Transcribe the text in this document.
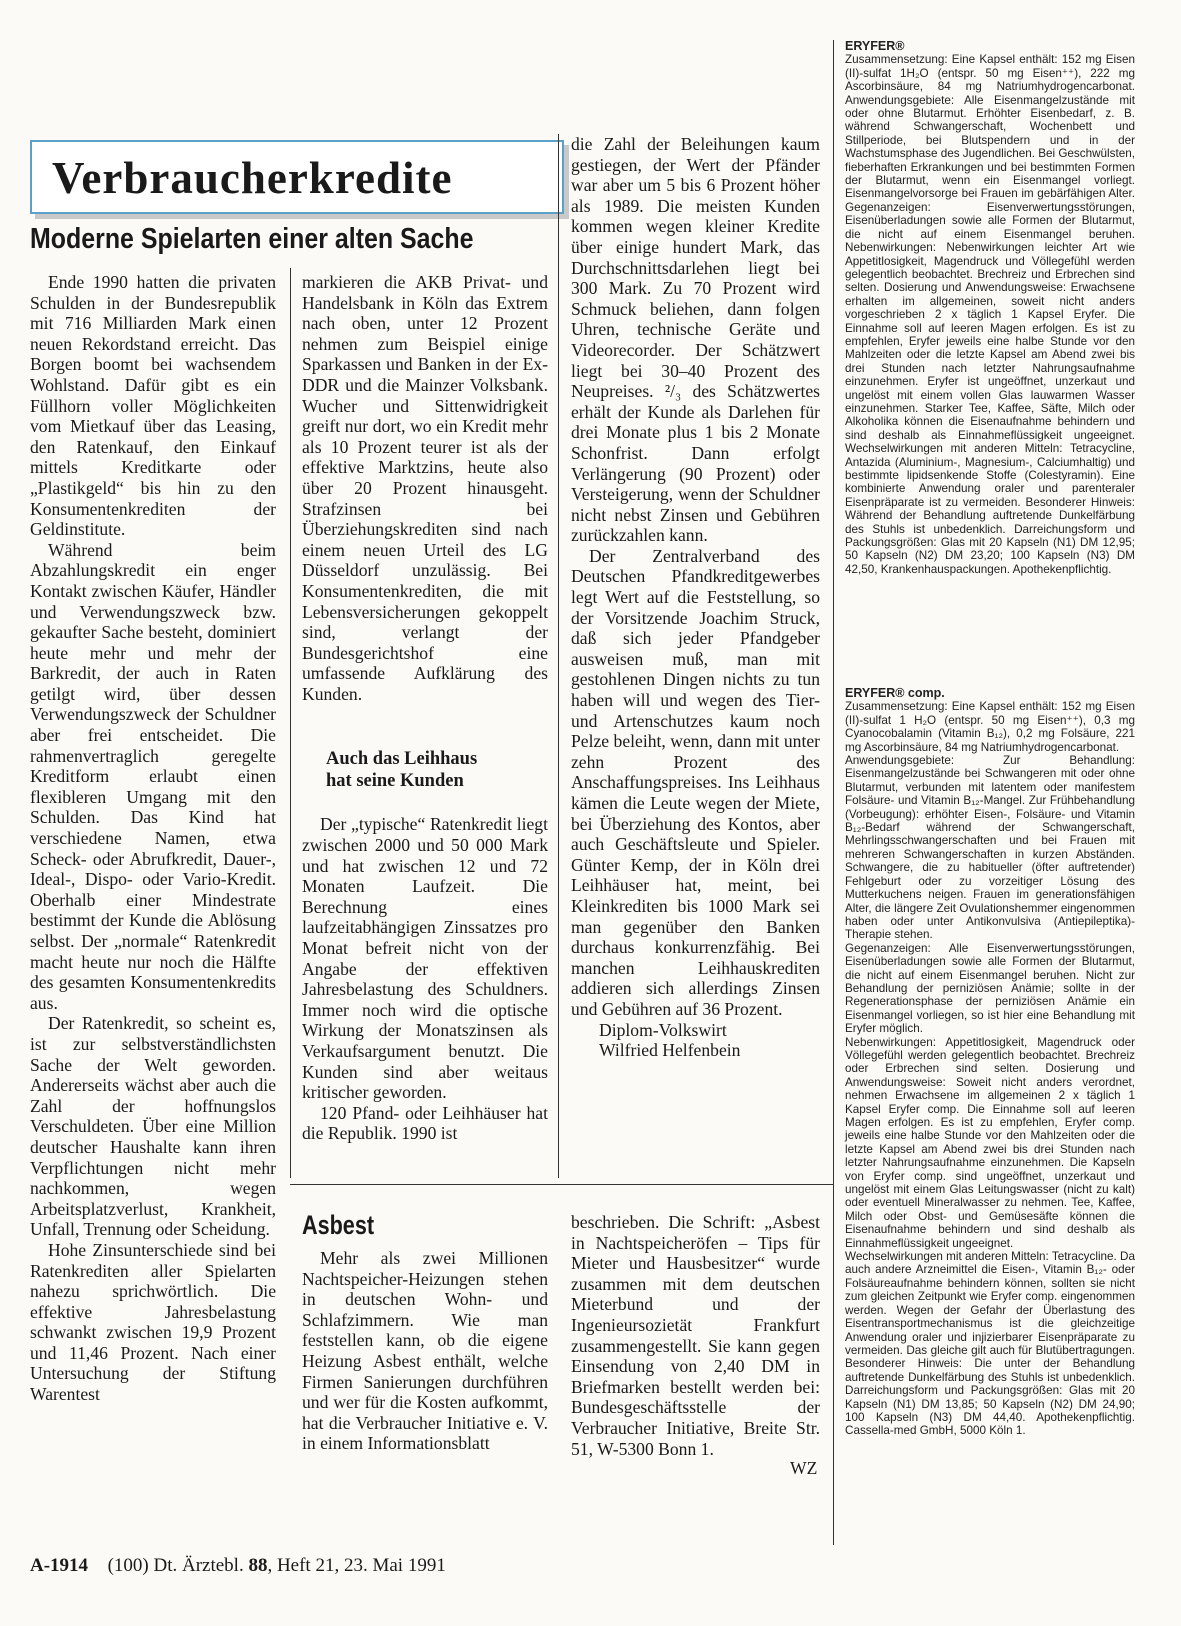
Verbraucherkredite
Moderne Spielarten einer alten Sache

Ende 1990 hatten die privaten Schulden in der Bundesrepublik mit 716 Milliarden Mark einen neuen Rekordstand erreicht. Das Borgen boomt bei wachsendem Wohlstand. Dafür gibt es ein Füllhorn voller Möglichkeiten vom Mietkauf über das Leasing, den Ratenkauf, den Einkauf mittels Kreditkarte oder „Plastikgeld“ bis hin zu den Konsumentenkrediten der Geldinstitute.

Während beim Abzahlungskredit ein enger Kontakt zwischen Käufer, Händler und Verwendungszweck bzw. gekaufter Sache besteht, dominiert heute mehr und mehr der Barkredit, der auch in Raten getilgt wird, über dessen Verwendungszweck der Schuldner aber frei entscheidet. Die rahmenvertraglich geregelte Kreditform erlaubt einen flexibleren Umgang mit den Schulden. Das Kind hat verschiedene Namen, etwa Scheck- oder Abrufkredit, Dauer-, Ideal-, Dispo- oder Vario-Kredit. Oberhalb einer Mindestrate bestimmt der Kunde die Ablösung selbst. Der „normale“ Ratenkredit macht heute nur noch die Hälfte des gesamten Konsumentenkredits aus.

Der Ratenkredit, so scheint es, ist zur selbstverständlichsten Sache der Welt geworden. Andererseits wächst aber auch die Zahl der hoffnungslos Verschuldeten. Über eine Million deutscher Haushalte kann ihren Verpflichtungen nicht mehr nachkommen, wegen Arbeitsplatzverlust, Krankheit, Unfall, Trennung oder Scheidung.

Hohe Zinsunterschiede sind bei Ratenkrediten aller Spielarten nahezu sprichwörtlich. Die effektive Jahresbelastung schwankt zwischen 19,9 Prozent und 11,46 Prozent. Nach einer Untersuchung der Stiftung Warentest

markieren die AKB Privat- und Handelsbank in Köln das Extrem nach oben, unter 12 Prozent nehmen zum Beispiel einige Sparkassen und Banken in der Ex-DDR und die Mainzer Volksbank. Wucher und Sittenwidrigkeit greift nur dort, wo ein Kredit mehr als 10 Prozent teurer ist als der effektive Marktzins, heute also über 20 Prozent hinausgeht. Strafzinsen bei Überziehungskrediten sind nach einem neuen Urteil des LG Düsseldorf unzulässig. Bei Konsumentenkrediten, die mit Lebensversicherungen gekoppelt sind, verlangt der Bundesgerichtshof eine umfassende Aufklärung des Kunden.

Auch das Leihhaus
hat seine Kunden

Der „typische“ Ratenkredit liegt zwischen 2000 und 50 000 Mark und hat zwischen 12 und 72 Monaten Laufzeit. Die Berechnung eines laufzeitabhängigen Zinssatzes pro Monat befreit nicht von der Angabe der effektiven Jahresbelastung des Schuldners. Immer noch wird die optische Wirkung der Monatszinsen als Verkaufsargument benutzt. Die Kunden sind aber weitaus kritischer geworden.

120 Pfand- oder Leihhäuser hat die Republik. 1990 ist

die Zahl der Beleihungen kaum gestiegen, der Wert der Pfänder war aber um 5 bis 6 Prozent höher als 1989. Die meisten Kunden kommen wegen kleiner Kredite über einige hundert Mark, das Durchschnittsdarlehen liegt bei 300 Mark. Zu 70 Prozent wird Schmuck beliehen, dann folgen Uhren, technische Geräte und Videorecorder. Der Schätzwert liegt bei 30–40 Prozent des Neupreises. ²/₃ des Schätzwertes erhält der Kunde als Darlehen für drei Monate plus 1 bis 2 Monate Schonfrist. Dann erfolgt Verlängerung (90 Prozent) oder Versteigerung, wenn der Schuldner nicht nebst Zinsen und Gebühren zurückzahlen kann.

Der Zentralverband des Deutschen Pfandkreditgewerbes legt Wert auf die Feststellung, so der Vorsitzende Joachim Struck, daß sich jeder Pfandgeber ausweisen muß, man mit gestohlenen Dingen nichts zu tun haben will und wegen des Tier- und Artenschutzes kaum noch Pelze beleiht, wenn, dann mit unter zehn Prozent des Anschaffungspreises. Ins Leihhaus kämen die Leute wegen der Miete, bei Überziehung des Kontos, aber auch Geschäftsleute und Spieler. Günter Kemp, der in Köln drei Leihhäuser hat, meint, bei Kleinkrediten bis 1000 Mark sei man gegenüber den Banken durchaus konkurrenzfähig. Bei manchen Leihhauskrediten addieren sich allerdings Zinsen und Gebühren auf 36 Prozent.

Diplom-Volkswirt
Wilfried Helfenbein
Asbest

Mehr als zwei Millionen Nachtspeicher-Heizungen stehen in deutschen Wohn- und Schlafzimmern. Wie man feststellen kann, ob die eigene Heizung Asbest enthält, welche Firmen Sanierungen durchführen und wer für die Kosten aufkommt, hat die Verbraucher Initiative e. V. in einem Informationsblatt

beschrieben. Die Schrift: „Asbest in Nachtspeicheröfen – Tips für Mieter und Hausbesitzer“ wurde zusammen mit dem deutschen Mieterbund und der Ingenieursozietät Frankfurt zusammengestellt. Sie kann gegen Einsendung von 2,40 DM in Briefmarken bestellt werden bei: Bundesgeschäftsstelle der Verbraucher Initiative, Breite Str. 51, W-5300 Bonn 1.

WZ
ERYFER®

Zusammensetzung: Eine Kapsel enthält: 152 mg Eisen (II)-sulfat 1H₂O (entspr. 50 mg Eisen⁺⁺), 222 mg Ascorbinsäure, 84 mg Natriumhydrogencarbonat. Anwendungsgebiete: Alle Eisenmangelzustände mit oder ohne Blutarmut. Erhöhter Eisenbedarf, z. B. während Schwangerschaft, Wochenbett und Stillperiode, bei Blutspendern und in der Wachstumsphase des Jugendlichen. Bei Geschwülsten, fieberhaften Erkrankungen und bei bestimmten Formen der Blutarmut, wenn ein Eisenmangel vorliegt. Eisenmangelvorsorge bei Frauen im gebärfähigen Alter. Gegenanzeigen: Eisenverwertungsstörungen, Eisenüberladungen sowie alle Formen der Blutarmut, die nicht auf einem Eisenmangel beruhen. Nebenwirkungen: Nebenwirkungen leichter Art wie Appetitlosigkeit, Magendruck und Völlegefühl werden gelegentlich beobachtet. Brechreiz und Erbrechen sind selten. Dosierung und Anwendungsweise: Erwachsene erhalten im allgemeinen, soweit nicht anders vorgeschrieben 2 x täglich 1 Kapsel Eryfer. Die Einnahme soll auf leeren Magen erfolgen. Es ist zu empfehlen, Eryfer jeweils eine halbe Stunde vor den Mahlzeiten oder die letzte Kapsel am Abend zwei bis drei Stunden nach letzter Nahrungsaufnahme einzunehmen. Eryfer ist ungeöffnet, unzerkaut und ungelöst mit einem vollen Glas lauwarmen Wasser einzunehmen. Starker Tee, Kaffee, Säfte, Milch oder Alkoholika können die Eisenaufnahme behindern und sind deshalb als Einnahmeflüssigkeit ungeeignet. Wechselwirkungen mit anderen Mitteln: Tetracycline, Antazida (Aluminium-, Magnesium-, Calciumhaltig) und bestimmte lipidsenkende Stoffe (Colestyramin). Eine kombinierte Anwendung oraler und parenteraler Eisenpräparate ist zu vermeiden. Besonderer Hinweis: Während der Behandlung auftretende Dunkelfärbung des Stuhls ist unbedenklich. Darreichungsform und Packungsgrößen: Glas mit 20 Kapseln (N1) DM 12,95; 50 Kapseln (N2) DM 23,20; 100 Kapseln (N3) DM 42,50, Krankenhauspackungen. Apothekenpflichtig.

ERYFER® comp.

Zusammensetzung: Eine Kapsel enthält: 152 mg Eisen (II)-sulfat 1 H₂O (entspr. 50 mg Eisen⁺⁺), 0,3 mg Cyanocobalamin (Vitamin B₁₂), 0,2 mg Folsäure, 221 mg Ascorbinsäure, 84 mg Natriumhydrogencarbonat.

Anwendungsgebiete: Zur Behandlung: Eisenmangelzustände bei Schwangeren mit oder ohne Blutarmut, verbunden mit latentem oder manifestem Folsäure- und Vitamin B₁₂-Mangel. Zur Frühbehandlung (Vorbeugung): erhöhter Eisen-, Folsäure- und Vitamin B₁₂-Bedarf während der Schwangerschaft, Mehrlingsschwangerschaften und bei Frauen mit mehreren Schwangerschaften in kurzen Abständen. Schwangere, die zu habitueller (öfter auftretender) Fehlgeburt oder zu vorzeitiger Lösung des Mutterkuchens neigen. Frauen im generationsfähigen Alter, die längere Zeit Ovulationshemmer eingenommen haben oder unter Antikonvulsiva (Antiepileptika)-Therapie stehen.

Gegenanzeigen: Alle Eisenverwertungsstörungen, Eisenüberladungen sowie alle Formen der Blutarmut, die nicht auf einem Eisenmangel beruhen. Nicht zur Behandlung der perniziösen Anämie; sollte in der Regenerationsphase der perniziösen Anämie ein Eisenmangel vorliegen, so ist hier eine Behandlung mit Eryfer möglich.

Nebenwirkungen: Appetitlosigkeit, Magendruck oder Völlegefühl werden gelegentlich beobachtet. Brechreiz oder Erbrechen sind selten. Dosierung und Anwendungsweise: Soweit nicht anders verordnet, nehmen Erwachsene im allgemeinen 2 x täglich 1 Kapsel Eryfer comp. Die Einnahme soll auf leeren Magen erfolgen. Es ist zu empfehlen, Eryfer comp. jeweils eine halbe Stunde vor den Mahlzeiten oder die letzte Kapsel am Abend zwei bis drei Stunden nach letzter Nahrungsaufnahme einzunehmen. Die Kapseln von Eryfer comp. sind ungeöffnet, unzerkaut und ungelöst mit einem Glas Leitungswasser (nicht zu kalt) oder eventuell Mineralwasser zu nehmen. Tee, Kaffee, Milch oder Obst- und Gemüsesäfte können die Eisenaufnahme behindern und sind deshalb als Einnahmeflüssigkeit ungeeignet.

Wechselwirkungen mit anderen Mitteln: Tetracycline. Da auch andere Arzneimittel die Eisen-, Vitamin B₁₂- oder Folsäureaufnahme behindern können, sollten sie nicht zum gleichen Zeitpunkt wie Eryfer comp. eingenommen werden. Wegen der Gefahr der Überlastung des Eisentransportmechanismus ist die gleichzeitige Anwendung oraler und injizierbarer Eisenpräparate zu vermeiden. Das gleiche gilt auch für Blutübertragungen. Besonderer Hinweis: Die unter der Behandlung auftretende Dunkelfärbung des Stuhls ist unbedenklich. Darreichungsform und Packungsgrößen: Glas mit 20 Kapseln (N1) DM 13,85; 50 Kapseln (N2) DM 24,90; 100 Kapseln (N3) DM 44,40. Apothekenpflichtig. Cassella-med GmbH, 5000 Köln 1.

A-1914 (100) Dt. Ärztebl. 88, Heft 21, 23. Mai 1991
